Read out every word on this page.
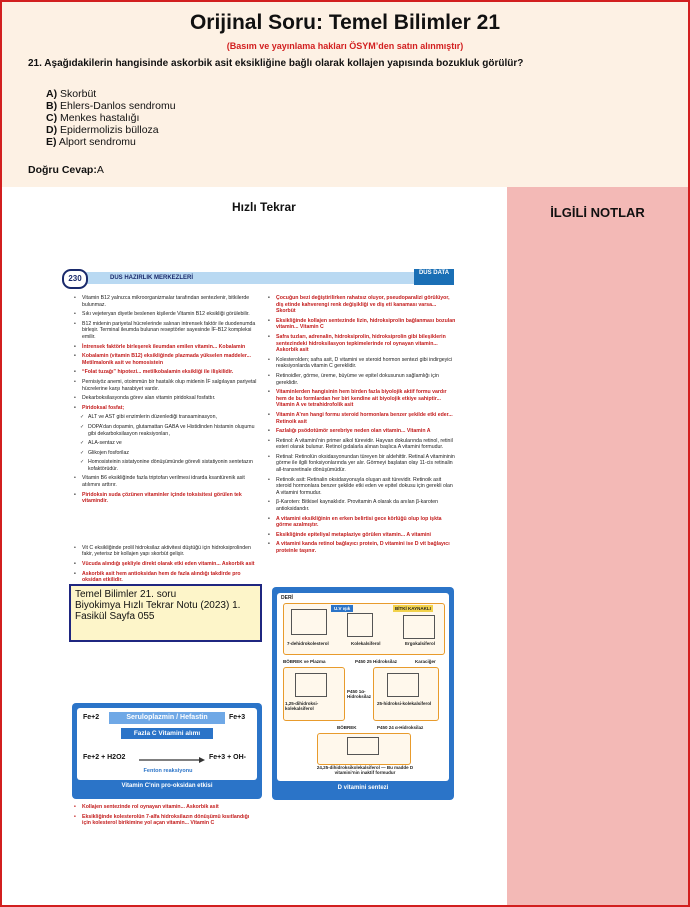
Orijinal Soru: Temel Bilimler 21
(Basım ve yayınlama hakları ÖSYM’den satın alınmıştır)
21. Aşağıdakilerin hangisinde askorbik asit eksikliğine bağlı olarak kollajen yapısında bozukluk görülür?
A) Skorbüt
B) Ehlers-Danlos sendromu
C) Menkes hastalığı
D) Epidermolizis bülloza
E) Alport sendromu
Doğru Cevap:A
Hızlı Tekrar
DUS HAZIRLIK MERKEZLERİ
230
DUS DATA

• Vitamin B12 yalnızca mikroorganizmalar tarafından sentezlenir, bitkilerde bulunmaz.

• Sıkı vejeteryan diyetle beslenen kişilerde Vitamin B12 eksikliği görülebilir.

• B12 midenin pariyetal hücrelerinde salınan intrensek faktör ile duodenumda birleşir. Terminal ileumda bulunan reseptörler sayesinde İF-B12 kompleksi emilir.

• İntrensek faktörle birleşerek ileumdan emilen vitamin... Kobalamin

• Kobalamin (vitamin B12) eksikliğinde plazmada yükselen maddeler... Metilmalonik asit ve homosistein

• “Folat tuzağı” hipotezi... metilkobalamin eksikliği ile ilişkilidir.

• Pernisiyöz anemi, otoimmün bir hastalık olup midenin İF salgılayan pariyetal hücrelerine karşı harabiyet vardır.

• Dekarboksilasyonda görev alan vitamin piridoksal fosfattır.

• Piridoksal fosfat;

✓ ALT ve AST gibi enzimlerin düzenlediği transaminasyon,

✓ DOPA’dan dopamin, glutamattan GABA ve Histidinden histamin oluşumu gibi dekarboksilasyon reaksiyonları,

✓ ALA-sentaz ve

✓ Glikojen fosforilaz

✓ Homosisteinin sistatyonine dönüşümünde görevli sistatiyonin sentetazın kofaktörüdür.

• Vitamin B6 eksikliğinde fazla triptofan verilmesi idrarda ksantürenik asit atılımını arttırır.

• Piridoksin suda çözünen vitaminler içinde toksisitesi görülen tek vitamindir.

• Vit C eksikliğinde prolil hidroksilaz aktivitesi düştüğü için hidroksiprolinden fakir, yeterisz bir kollajen yapı skorbüt gelişir.

• Vücuda alındığı şekliyle direkt olarak etki eden vitamin... Askorbik asit

• Askorbik asit hem antioksidan hem de fazla alındığı takdirde pro oksidan etkilidir.

• Çocuğun bezi değiştirilirken rahatsız oluyor, pseudoparalizi görülüyor, diş etinde kahverengi renk değişikliği ve diş eti kanaması varsa... Skorbüt

• Eksikliğinde kollajen sentezinde lizin, hidroksiprolin bağlanması bozulan vitamin... Vitamin C

• Safra tuzları, adrenalin, hidroksiprolin, hidroksiprolin gibi bileşiklerin sentezindeki hidroksilasyon tepkimelerinde rol oynayan vitamin... Askorbik asit

• Kolesterolden; safra asit, D vitamini ve steroid hormon sentezi gibi indirgeyici reaksiyonlarda vitamin C gereklidir.

• Retinoidler, görme, üreme, büyüme ve epitel dokusunun sağlamlığı için gereklidir.

• Vitaminlerden hangisinin hem birden fazla biyolojik aktif formu vardır hem de bu formlardan her biri kendine ait biyolojik etkiye sahiptir... Vitamin A ve tetrahidrofolik asit

• Vitamin A’nın hangi formu steroid hormonlara benzer şekilde etki eder... Retinoik asit

• Fazlalığı psödotümör serebriye neden olan vitamin... Vitamin A

• Retinol: A vitamini’nin primer alkol türevidir. Hayvan dokularında retinol, retinil esteri olarak bulunur. Retinol gıdalarla alınan başlıca A vitamini formudur.

• Retinal: Retinolün oksidasyonundan türeyen bir aldehittir. Retinal A vitamininin görme ile ilgili fonksiyonlarında yer alır. Görmeyi başlatan olay 11-cis retinalin all-transretinale dönüşümüdür.

• Retinoik asit: Retinalin oksidasyonuyla oluşan asit türevidir. Retinoik asit steroid hormonlara benzer şekilde etki eden ve epitel dokusu için gerekli olan A vitamini formudur.

• β-Karoten: Bitkisel kaynaklıdır. Provitamin A olarak da anılan β-karoten antioksidandır.

• A vitamini eksikliğinin en erken belirtisi gece körlüğü olup lop işkta görme azalmıştır.

• Eksikliğinde epiteliyal metaplaziye görülen vitamin... A vitamini

• A vitamini kanda retinol bağlayıcı protein, D vitamini ise D vit bağlayıcı proteinle taşınır.

Temel Bilimler 21. soru
Biyokimya Hızlı Tekrar Notu (2023) 1.
Fasikül Sayfa 055
Seruloplazmin / Hefastin
Fe+2	Fe+3
Fazla C Vitamini alımı
Fe+2 + H2O2	Fe+3 + OH-
Fenton reaksiyonu
Vitamin C'nin pro-oksidan etkisi
DERİ
U.V ışık	BİTKİ KAYNAKLI
7-dehidrokolesterol	Kolekalsiferol	Ergokalsiferol
BÖBREK ve Plazma	P450 25 Hidroksilaz	Karaciğer
P450 1α-Hidroksilaz
1,25-dihidroksi-kolekalsiferol
25-hidroksi-kolekalsiferol
BÖBREK	P450 24 α-Hidroksilaz
24,25-dihidroksikolekalsiferol — Bu madde D vitamini’nin inaktif formudur
D vitamini sentezi

• Kollajen sentezinde rol oynayan vitamin... Askorbik asit

• Eksikliğinde kolesterolün 7-alfa hidroksilazın dönüşümü kısıtlandığı için kolesterol birikimine yol açan vitamin... Vitamin C

İLGİLİ NOTLAR
